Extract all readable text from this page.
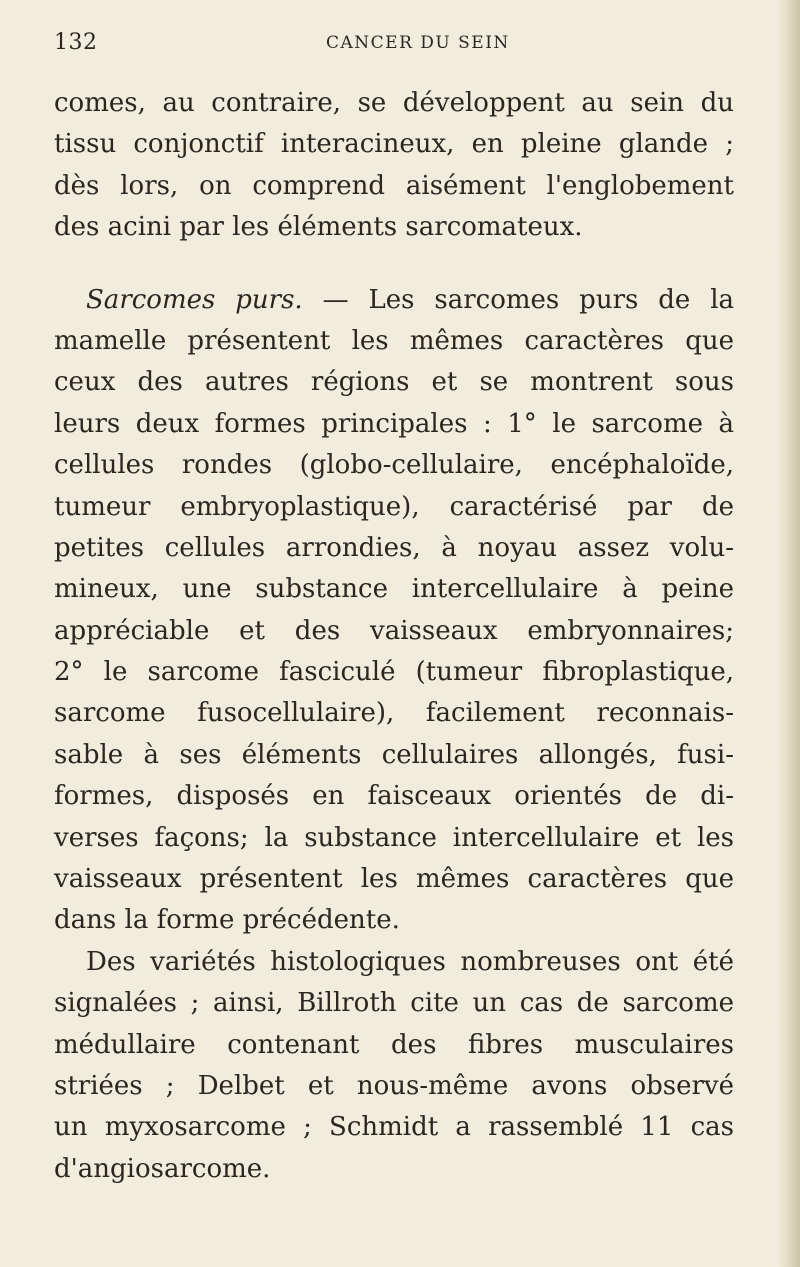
132	CANCER DU SEIN
comes, au contraire, se développent au sein du
tissu conjonctif interacineux, en pleine glande ;
dès lors, on comprend aisément l'englobement
des acini par les éléments sarcomateux.
Sarcomes purs. — Les sarcomes purs de la
mamelle présentent les mêmes caractères que
ceux des autres régions et se montrent sous
leurs deux formes principales : 1° le sarcome à
cellules rondes (globo-cellulaire, encéphaloïde,
tumeur embryoplastique), caractérisé par de
petites cellules arrondies, à noyau assez volu-
mineux, une substance intercellulaire à peine
appréciable et des vaisseaux embryonnaires;
2° le sarcome fasciculé (tumeur fibroplastique,
sarcome fusocellulaire), facilement reconnais-
sable à ses éléments cellulaires allongés, fusi-
formes, disposés en faisceaux orientés de di-
verses façons; la substance intercellulaire et les
vaisseaux présentent les mêmes caractères que
dans la forme précédente.
Des variétés histologiques nombreuses ont été
signalées ; ainsi, Billroth cite un cas de sarcome
médullaire contenant des fibres musculaires
striées ; Delbet et nous-même avons observé
un myxosarcome ; Schmidt a rassemblé 11 cas
d'angiosarcome.
